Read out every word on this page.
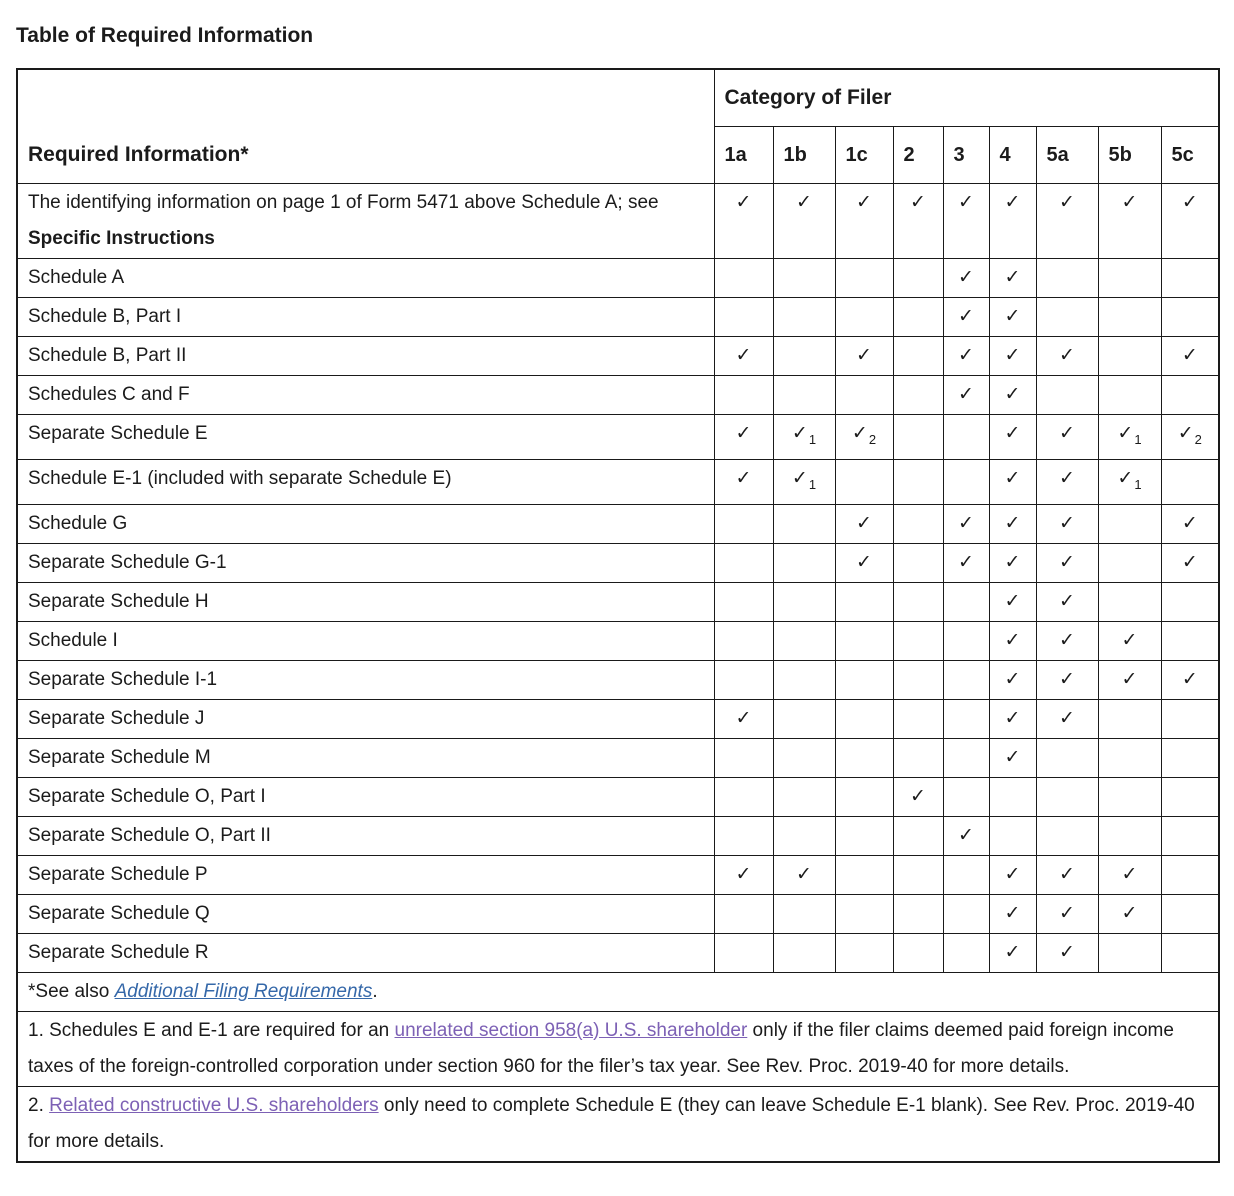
Table of Required Information
Required Information*	Category of Filer								
	1a	1b	1c	2	3	4	5a	5b	5c
The identifying information on page 1 of Form 5471 above Schedule A; see Specific Instructions	✓	✓	✓	✓	✓	✓	✓	✓	✓
Schedule A					✓	✓			
Schedule B, Part I					✓	✓			
Schedule B, Part II	✓		✓		✓	✓	✓		✓
Schedules C and F					✓	✓			
Separate Schedule E	✓	$✓_1$	$✓_2$			✓	✓	$✓_1$	$✓_2$
Schedule E-1 (included with separate Schedule E)	✓	$✓_1$				✓	✓	$✓_1$	
Schedule G			✓		✓	✓	✓		✓
Separate Schedule G-1			✓		✓	✓	✓		✓
Separate Schedule H						✓	✓		
Schedule I						✓	✓	✓	
Separate Schedule I-1						✓	✓	✓	✓
Separate Schedule J	✓					✓	✓		
Separate Schedule M						✓			
Separate Schedule O, Part I				✓					
Separate Schedule O, Part II					✓				
Separate Schedule P	✓	✓				✓	✓	✓	
Separate Schedule Q						✓	✓	✓	
Separate Schedule R						✓	✓		
*See also Additional Filing Requirements.									
1. Schedules E and E-1 are required for an unrelated section 958(a) U.S. shareholder only if the filer claims deemed paid foreign income taxes of the foreign-controlled corporation under section 960 for the filer’s tax year. See Rev. Proc. 2019-40 for more details.									
2. Related constructive U.S. shareholders only need to complete Schedule E (they can leave Schedule E-1 blank). See Rev. Proc. 2019-40 for more details.									
